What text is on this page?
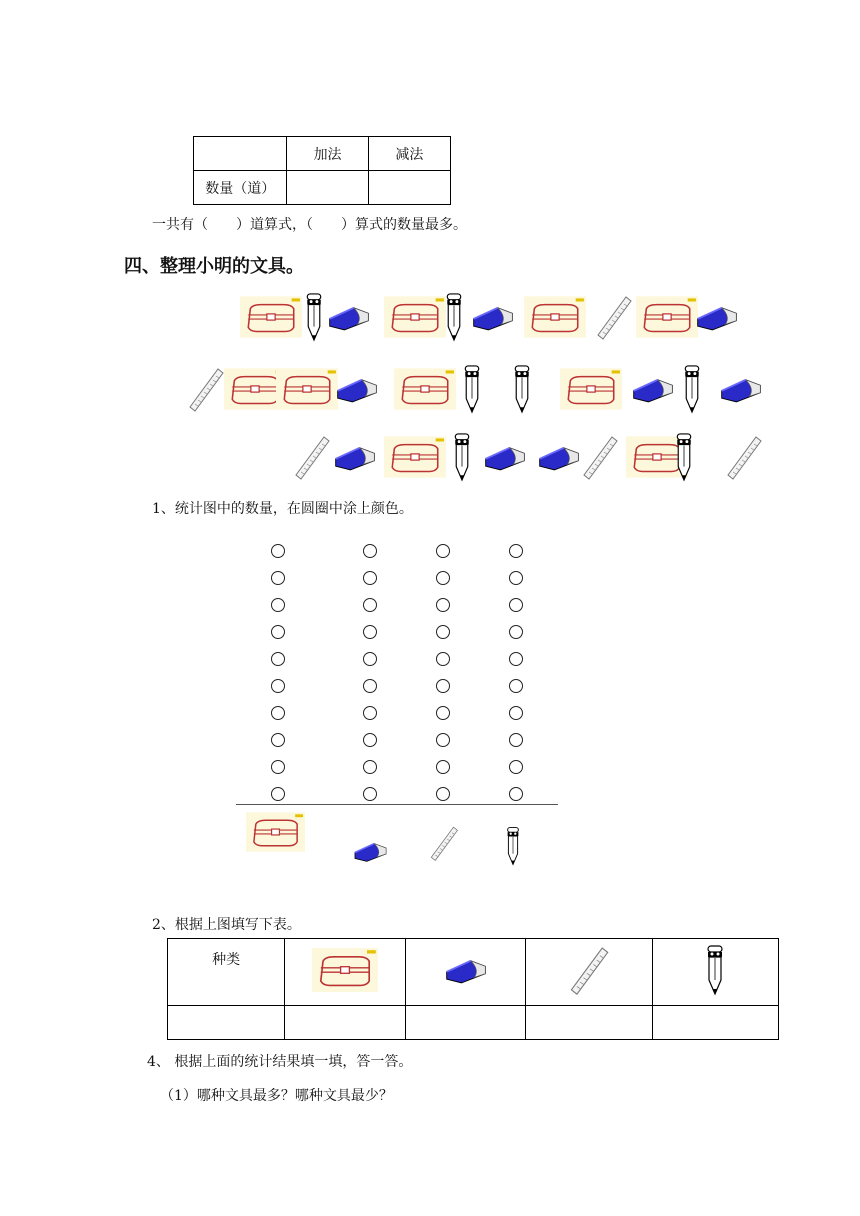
	加法	减法
数量（道）		
一共有（　　）道算式，（　　）算式的数量最多。
四、整理小明的文具。
1、统计图中的数量，在圆圈中涂上颜色。
2、根据上图填写下表。
种类				

4、 根据上面的统计结果填一填，答一答。
（1）哪种文具最多？哪种文具最少？
